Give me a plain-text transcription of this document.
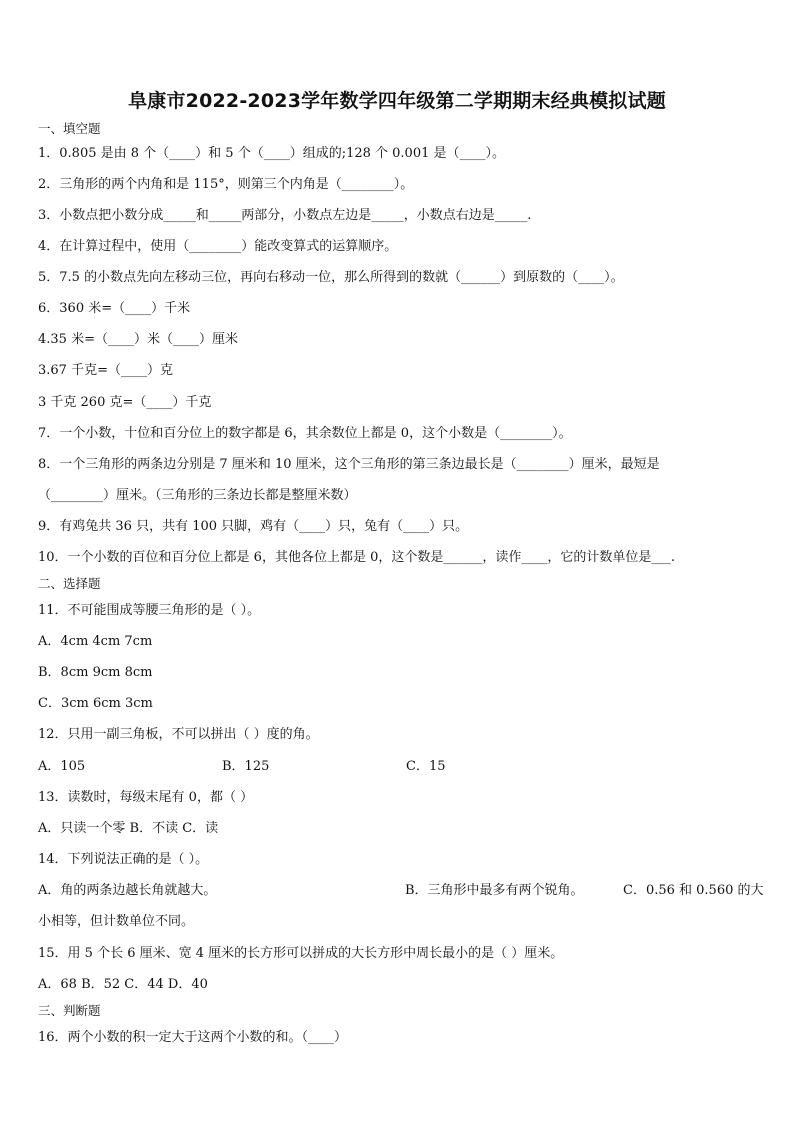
阜康市2022-2023学年数学四年级第二学期期末经典模拟试题
一、填空题
1．0.805 是由 8 个（____）和 5 个（____）组成的;128 个 0.001 是（____）。
2．三角形的两个内角和是 115°，则第三个内角是（________）。
3．小数点把小数分成_____和_____两部分，小数点左边是_____，小数点右边是_____.
4．在计算过程中，使用（________）能改变算式的运算顺序。
5．7.5 的小数点先向左移动三位，再向右移动一位，那么所得到的数就（______）到原数的（____）。
6．360 米=（____）千米
4.35 米=（____）米（____）厘米
3.67 千克=（____）克
3 千克 260 克=（____）千克
7．一个小数，十位和百分位上的数字都是 6，其余数位上都是 0，这个小数是（________）。
8．一个三角形的两条边分别是 7 厘米和 10 厘米，这个三角形的第三条边最长是（________）厘米，最短是
（________）厘米。（三角形的三条边长都是整厘米数）
9．有鸡兔共 36 只，共有 100 只脚，鸡有（____）只，兔有（____）只。
10．一个小数的百位和百分位上都是 6，其他各位上都是 0，这个数是______，读作____，它的计数单位是___.
二、选择题
11．不可能围成等腰三角形的是（ ）。
A．4cm 4cm 7cm
B．8cm 9cm 8cm
C．3cm 6cm 3cm
12．只用一副三角板，不可以拼出（ ）度的角。
A．105	B．125	C．15
13．读数时，每级末尾有 0，都（ ）
A．只读一个零 B．不读 C．读
14．下列说法正确的是（ ）。
A．角的两条边越长角就越大。	B．三角形中最多有两个锐角。	C．0.56 和 0.560 的大
小相等，但计数单位不同。
15．用 5 个长 6 厘米、宽 4 厘米的长方形可以拼成的大长方形中周长最小的是（ ）厘米。
A．68 B．52 C．44 D．40
三、判断题
16．两个小数的积一定大于这两个小数的和。（____）
